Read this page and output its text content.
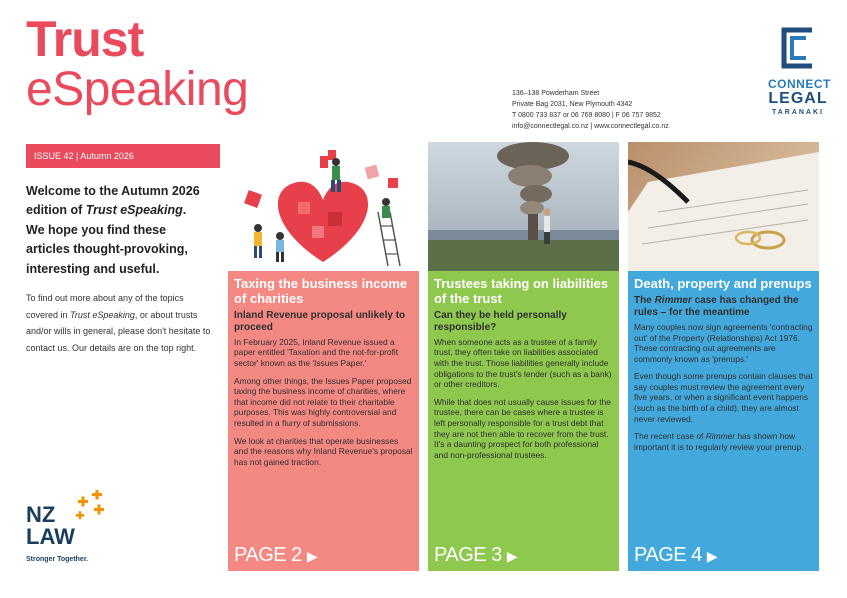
Trust
eSpeaking
ISSUE 42 | Autumn 2026
Welcome to the Autumn 2026 edition of Trust eSpeaking. We hope you find these articles thought-provoking, interesting and useful.
To find out more about any of the topics covered in Trust eSpeaking, or about trusts and/or wills in general, please don't hesitate to contact us. Our details are on the top right.
136–138 Powderham Street
Private Bag 2031, New Plymouth 4342
T 0800 733 837 or 06 769 8080 | F 06 757 9852
info@connectlegal.co.nz | www.connectlegal.co.nz
CONNECT
LEGAL
TARANAKI
NZ
LAW
Stronger Together.
Taxing the business income of charities
Inland Revenue proposal unlikely to proceed

In February 2025, Inland Revenue issued a paper entitled 'Taxation and the not-for-profit sector' known as the 'Issues Paper.'

Among other things, the Issues Paper proposed taxing the business income of charities, where that income did not relate to their charitable purposes. This was highly controversial and resulted in a flurry of submissions.

We look at charities that operate businesses and the reasons why Inland Revenue's proposal has not gained traction.

PAGE 2 ▶
Trustees taking on liabilities of the trust
Can they be held personally responsible?

When someone acts as a trustee of a family trust, they often take on liabilities associated with the trust. Those liabilities generally include obligations to the trust's lender (such as a bank) or other creditors.

While that does not usually cause issues for the trustee, there can be cases where a trustee is left personally responsible for a trust debt that they are not then able to recover from the trust. It's a daunting prospect for both professional and non-professional trustees.

PAGE 3 ▶
Death, property and prenups
The Rimmer case has changed the rules – for the meantime

Many couples now sign agreements 'contracting out' of the Property (Relationships) Act 1976. These contracting out agreements are commonly known as 'prenups.'

Even though some prenups contain clauses that say couples must review the agreement every five years, or when a significant event happens (such as the birth of a child), they are almost never reviewed.

The recent case of Rimmer has shown how important it is to regularly review your prenup.

PAGE 4 ▶
